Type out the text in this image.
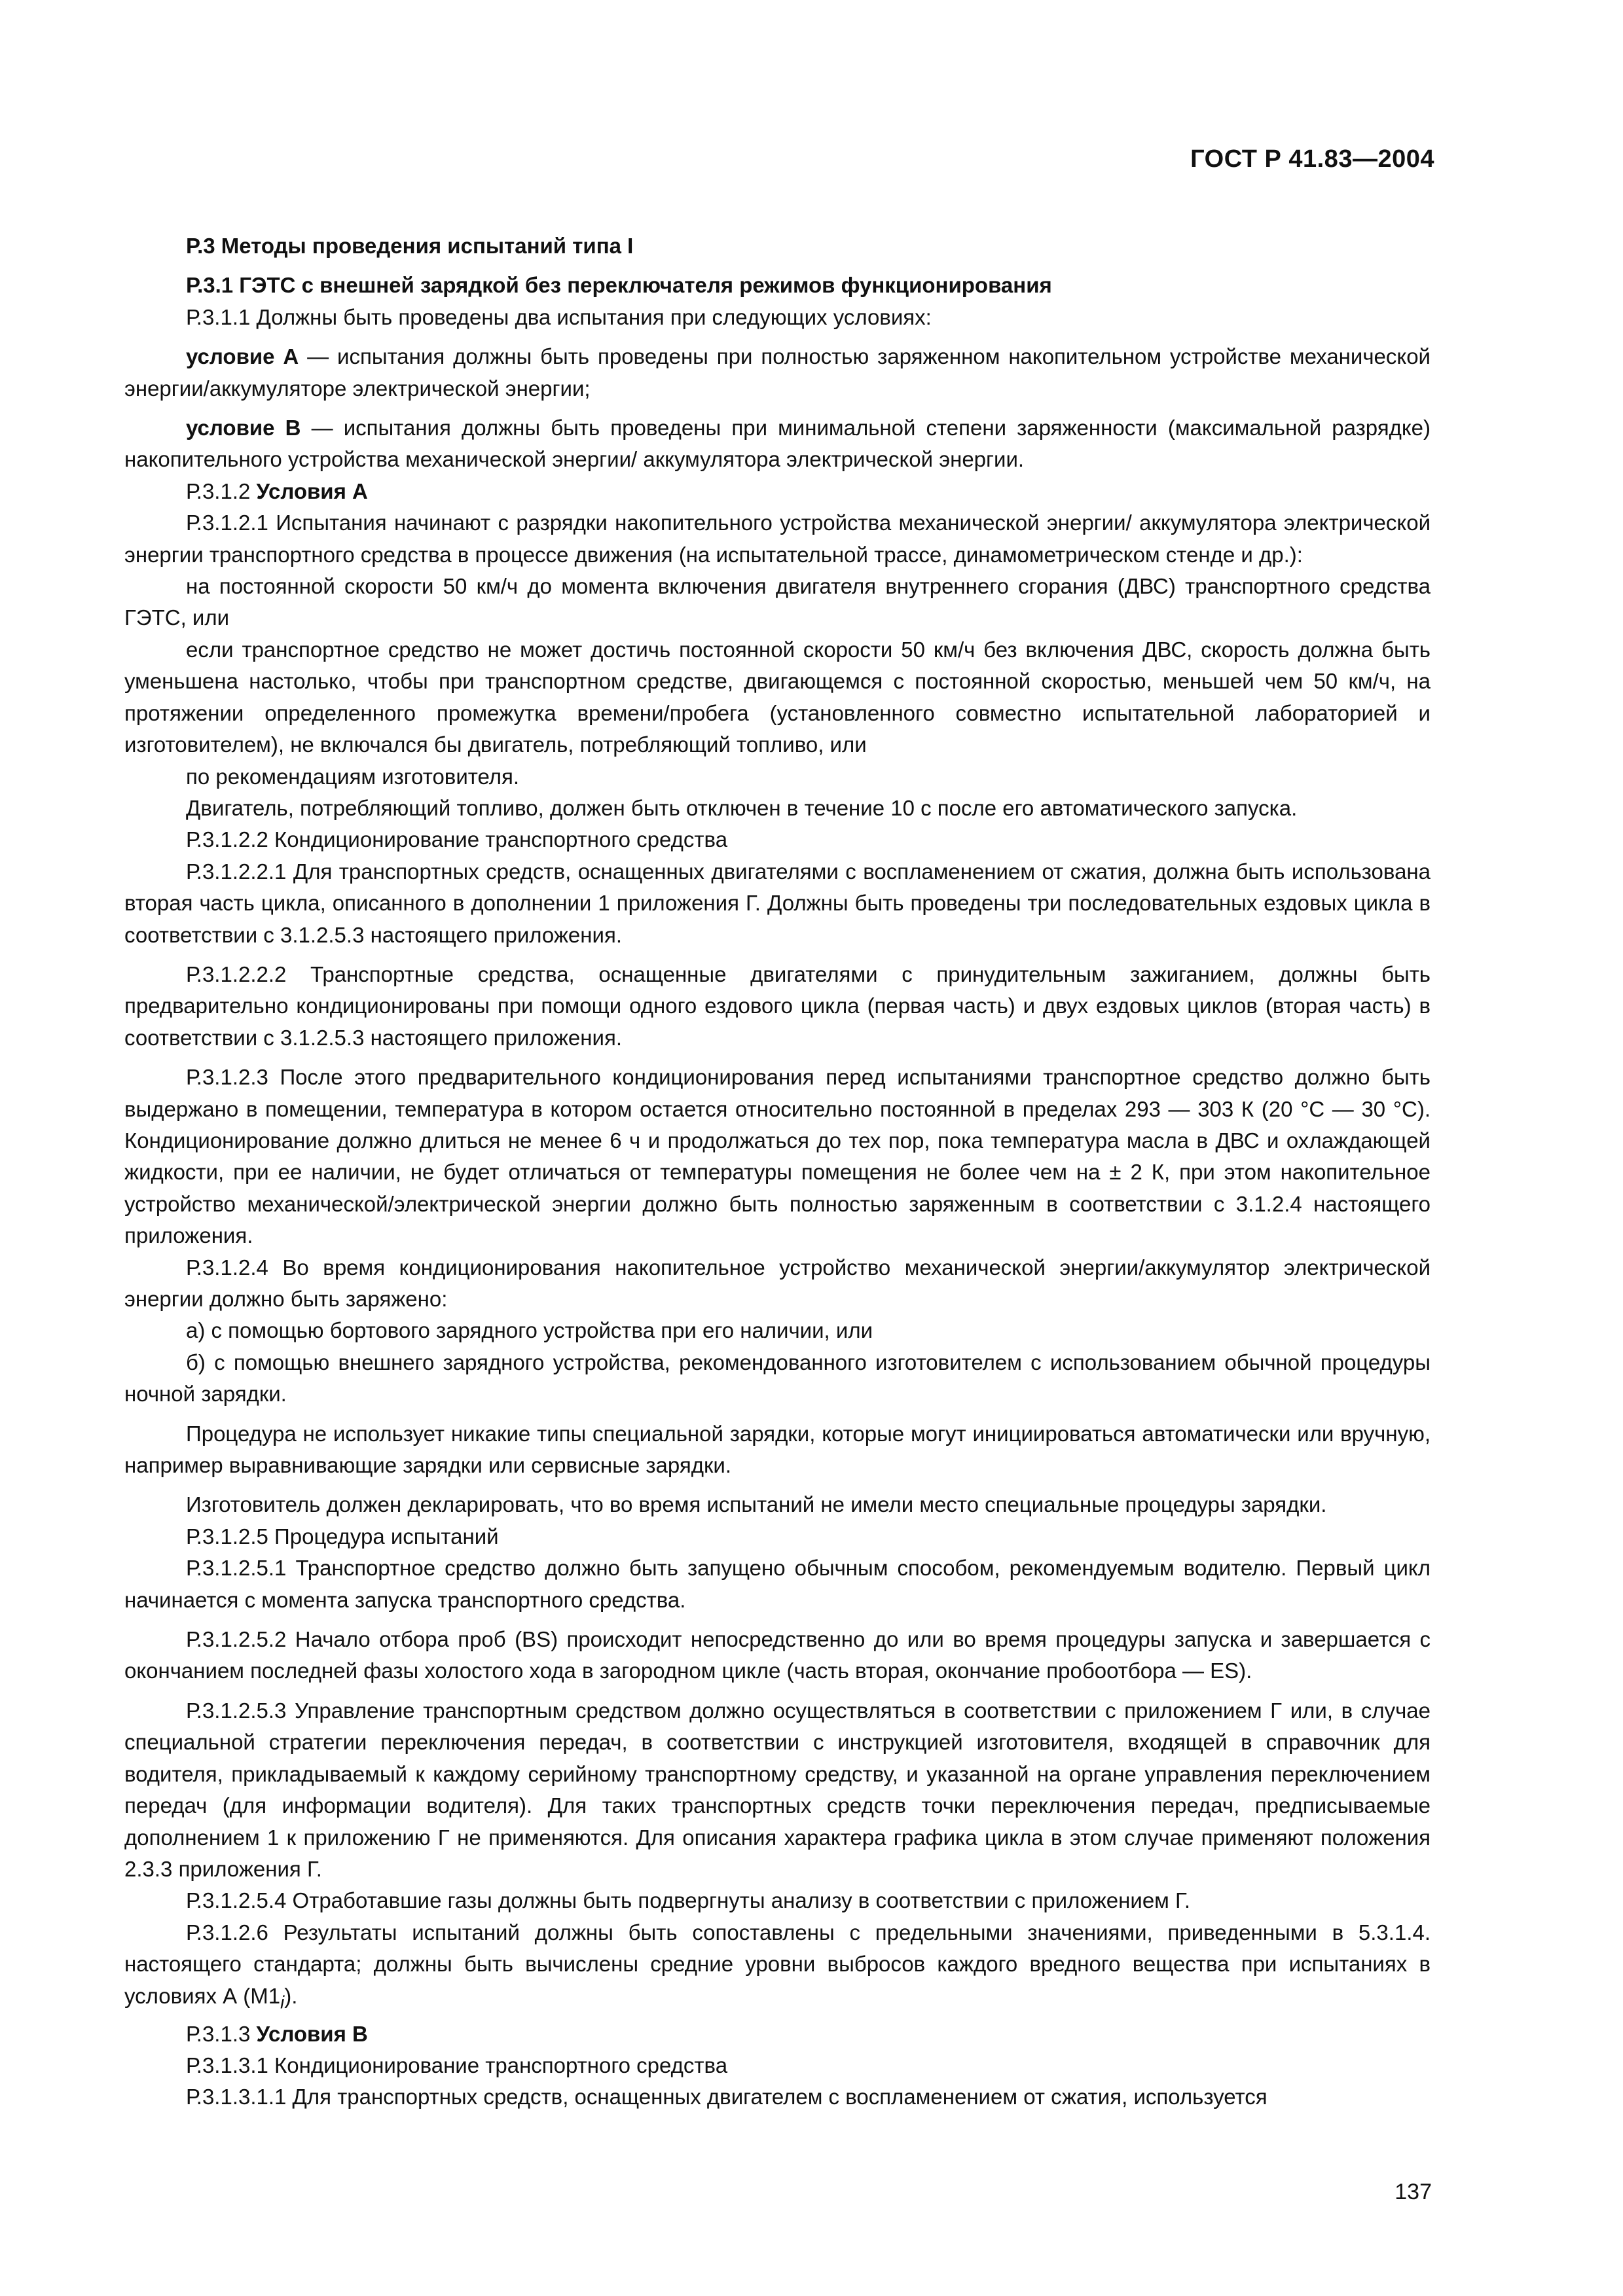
ГОСТ Р 41.83—2004

Р.3 Методы проведения испытаний типа I

Р.3.1 ГЭТС с внешней зарядкой без переключателя режимов функционирования

Р.3.1.1 Должны быть проведены два испытания при следующих условиях:

условие А — испытания должны быть проведены при полностью заряженном накопительном устройстве механической энергии/аккумуляторе электрической энергии;

условие В — испытания должны быть проведены при минимальной степени заряженности (максимальной разрядке) накопительного устройства механической энергии/ аккумулятора электрической энергии.

Р.3.1.2 Условия А

Р.3.1.2.1 Испытания начинают с разрядки накопительного устройства механической энергии/ аккумулятора электрической энергии транспортного средства в процессе движения (на испытательной трассе, динамометрическом стенде и др.):

на постоянной скорости 50 км/ч до момента включения двигателя внутреннего сгорания (ДВС) транспортного средства ГЭТС, или

если транспортное средство не может достичь постоянной скорости 50 км/ч без включения ДВС, скорость должна быть уменьшена настолько, чтобы при транспортном средстве, двигающемся с постоянной скоростью, меньшей чем 50 км/ч, на протяжении определенного промежутка времени/пробега (установленного совместно испытательной лабораторией и изготовителем), не включался бы двигатель, потребляющий топливо, или

по рекомендациям изготовителя.

Двигатель, потребляющий топливо, должен быть отключен в течение 10 с после его автоматического запуска.

Р.3.1.2.2 Кондиционирование транспортного средства

Р.3.1.2.2.1 Для транспортных средств, оснащенных двигателями с воспламенением от сжатия, должна быть использована вторая часть цикла, описанного в дополнении 1 приложения Г. Должны быть проведены три последовательных ездовых цикла в соответствии с 3.1.2.5.3 настоящего приложения.

Р.3.1.2.2.2 Транспортные средства, оснащенные двигателями с принудительным зажиганием, должны быть предварительно кондиционированы при помощи одного ездового цикла (первая часть) и двух ездовых циклов (вторая часть) в соответствии с 3.1.2.5.3 настоящего приложения.

Р.3.1.2.3 После этого предварительного кондиционирования перед испытаниями транспортное средство должно быть выдержано в помещении, температура в котором остается относительно постоянной в пределах 293 — 303 К (20 °С — 30 °С). Кондиционирование должно длиться не менее 6 ч и продолжаться до тех пор, пока температура масла в ДВС и охлаждающей жидкости, при ее наличии, не будет отличаться от температуры помещения не более чем на ± 2 К, при этом накопительное устройство механической/электрической энергии должно быть полностью заряженным в соответствии с 3.1.2.4 настоящего приложения.

Р.3.1.2.4 Во время кондиционирования накопительное устройство механической энергии/аккумулятор электрической энергии должно быть заряжено:

а) с помощью бортового зарядного устройства при его наличии, или

б) с помощью внешнего зарядного устройства, рекомендованного изготовителем с использованием обычной процедуры ночной зарядки.

Процедура не использует никакие типы специальной зарядки, которые могут инициироваться автоматически или вручную, например выравнивающие зарядки или сервисные зарядки.

Изготовитель должен декларировать, что во время испытаний не имели место специальные процедуры зарядки.

Р.3.1.2.5 Процедура испытаний

Р.3.1.2.5.1 Транспортное средство должно быть запущено обычным способом, рекомендуемым водителю. Первый цикл начинается с момента запуска транспортного средства.

Р.3.1.2.5.2 Начало отбора проб (BS) происходит непосредственно до или во время процедуры запуска и завершается с окончанием последней фазы холостого хода в загородном цикле (часть вторая, окончание пробоотбора — ES).

Р.3.1.2.5.3 Управление транспортным средством должно осуществляться в соответствии с приложением Г или, в случае специальной стратегии переключения передач, в соответствии с инструкцией изготовителя, входящей в справочник для водителя, прикладываемый к каждому серийному транспортному средству, и указанной на органе управления переключением передач (для информации водителя). Для таких транспортных средств точки переключения передач, предписываемые дополнением 1 к приложению Г не применяются. Для описания характера графика цикла в этом случае применяют положения 2.3.3 приложения Г.

Р.3.1.2.5.4 Отработавшие газы должны быть подвергнуты анализу в соответствии с приложением Г.

Р.3.1.2.6 Результаты испытаний должны быть сопоставлены с предельными значениями, приведенными в 5.3.1.4. настоящего стандарта; должны быть вычислены средние уровни выбросов каждого вредного вещества при испытаниях в условиях А $(М1_i)$.

Р.3.1.3 Условия В

Р.3.1.3.1 Кондиционирование транспортного средства

Р.3.1.3.1.1 Для транспортных средств, оснащенных двигателем с воспламенением от сжатия, используется

137
